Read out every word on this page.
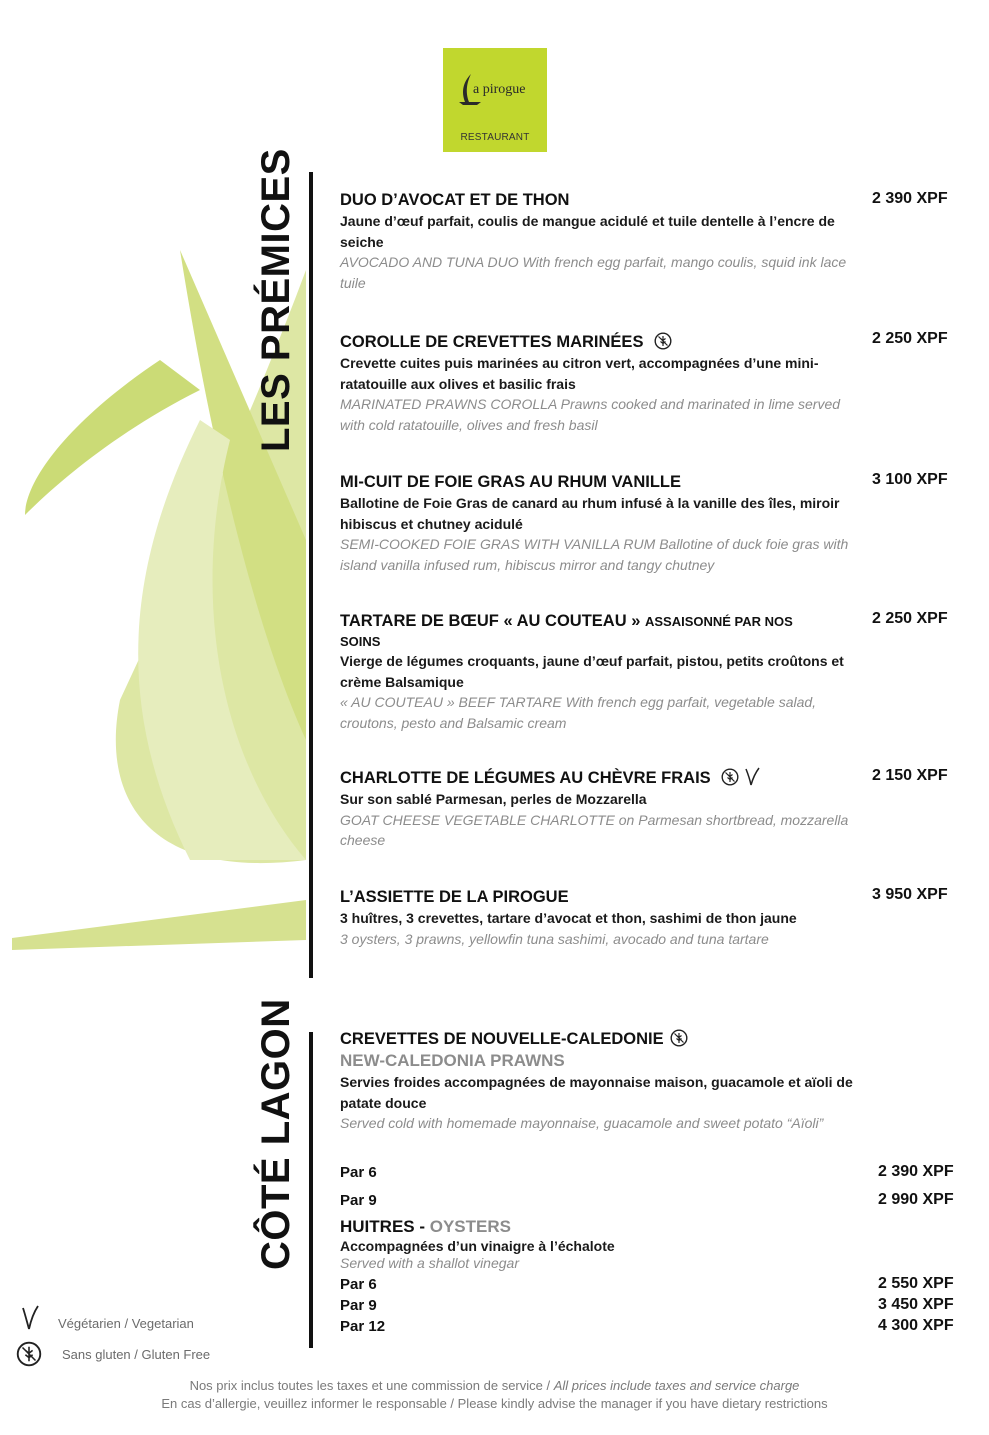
a pirogue
RESTAURANT
LES PRÉMICES
CÔTÉ LAGON
DUO D’AVOCAT ET DE THON
Jaune d’œuf parfait, coulis de mangue acidulé et tuile dentelle à l’encre de seiche
AVOCADO AND TUNA DUO With french egg parfait, mango coulis, squid ink lace tuile
2 390 XPF
COROLLE DE CREVETTES MARINÉES
Crevette cuites puis marinées au citron vert, accompagnées d’une mini-ratatouille aux olives et basilic frais
MARINATED PRAWNS COROLLA Prawns cooked and marinated in lime served with cold ratatouille, olives and fresh basil
2 250 XPF
MI-CUIT DE FOIE GRAS AU RHUM VANILLE
Ballotine de Foie Gras de canard au rhum infusé à la vanille des îles, miroir hibiscus et chutney acidulé
SEMI-COOKED FOIE GRAS WITH VANILLA RUM Ballotine of duck foie gras with island vanilla infused rum, hibiscus mirror and tangy chutney
3 100 XPF
TARTARE DE BŒUF « AU COUTEAU » ASSAISONNÉ PAR NOS
SOINS
Vierge de légumes croquants, jaune d’œuf parfait, pistou, petits croûtons et crème Balsamique
« AU COUTEAU » BEEF TARTARE With french egg parfait, vegetable salad, croutons, pesto and Balsamic cream
2 250 XPF
CHARLOTTE DE LÉGUMES AU CHÈVRE FRAIS
Sur son sablé Parmesan, perles de Mozzarella
GOAT CHEESE VEGETABLE CHARLOTTE on Parmesan shortbread, mozzarella cheese
2 150 XPF
L’ASSIETTE DE LA PIROGUE
3 huîtres, 3 crevettes, tartare d’avocat et thon, sashimi de thon jaune
3 oysters, 3 prawns, yellowfin tuna sashimi, avocado and tuna tartare
3 950 XPF
CREVETTES DE NOUVELLE-CALEDONIE
NEW-CALEDONIA PRAWNS
Servies froides accompagnées de mayonnaise maison, guacamole et aïoli de patate douce
Served cold with homemade mayonnaise, guacamole and sweet potato “Aïoli”
Par 6	2 390 XPF
Par 9	2 990 XPF
HUITRES - OYSTERS
Accompagnées d’un vinaigre à l’échalote
Served with a shallot vinegar
Par 6	2 550 XPF
Par 9	3 450 XPF
Par 12	4 300 XPF
Végétarien / Vegetarian
Sans gluten / Gluten Free
Nos prix inclus toutes les taxes et une commission de service / All prices include taxes and service charge
En cas d’allergie, veuillez informer le responsable / Please kindly advise the manager if you have dietary restrictions
